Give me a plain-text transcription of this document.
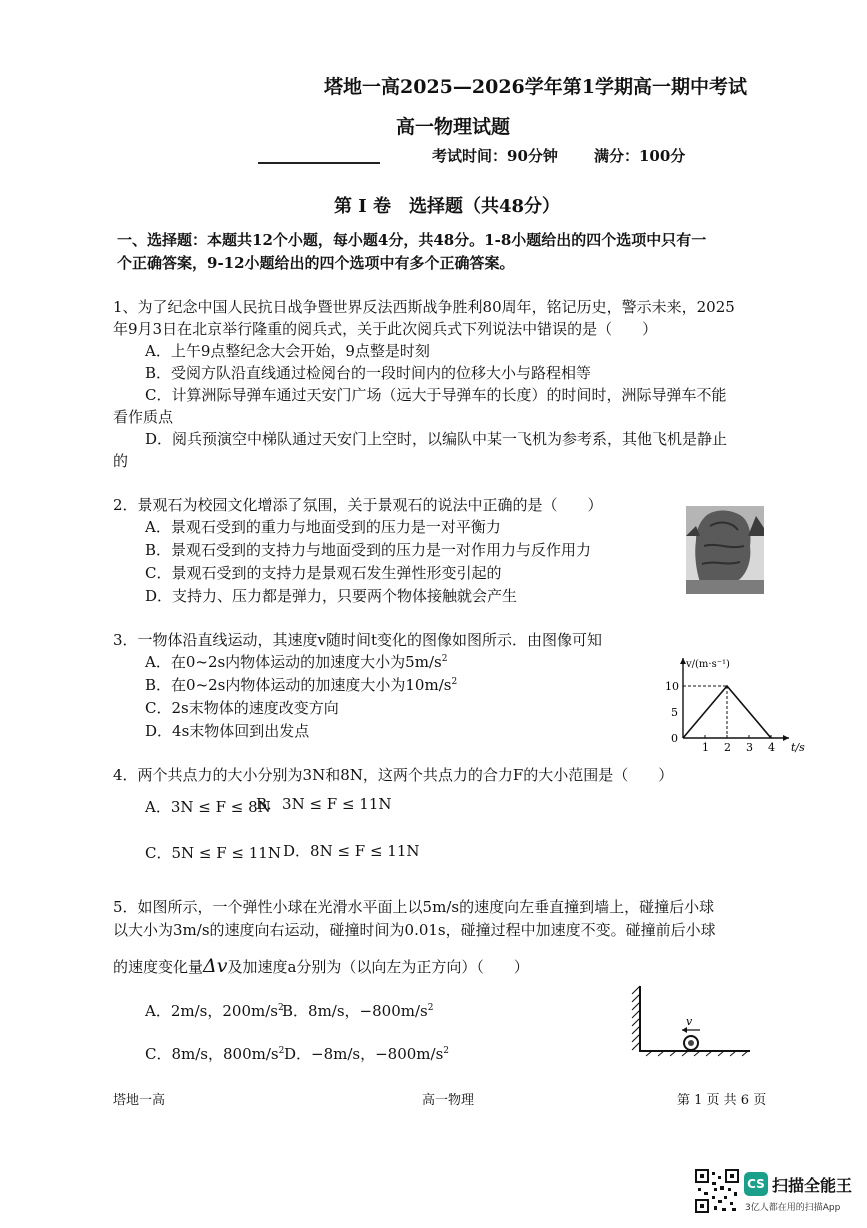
塔地一高2025—2026学年第1学期高一期中考试
高一物理试题
考试时间：90分钟 满分：100分
第 Ⅰ 卷　选择题（共48分）
一、选择题：本题共12个小题，每小题4分，共48分。1-8小题给出的四个选项中只有一
个正确答案，9-12小题给出的四个选项中有多个正确答案。
1、为了纪念中国人民抗日战争暨世界反法西斯战争胜利80周年，铭记历史，警示未来，2025
年9月3日在北京举行隆重的阅兵式，关于此次阅兵式下列说法中错误的是（　　）
A．上午9点整纪念大会开始，9点整是时刻
B．受阅方队沿直线通过检阅台的一段时间内的位移大小与路程相等
C．计算洲际导弹车通过天安门广场（远大于导弹车的长度）的时间时，洲际导弹车不能
看作质点
D．阅兵预演空中梯队通过天安门上空时，以编队中某一飞机为参考系，其他飞机是静止
的
2．景观石为校园文化增添了氛围，关于景观石的说法中正确的是（　　）
A．景观石受到的重力与地面受到的压力是一对平衡力
B．景观石受到的支持力与地面受到的压力是一对作用力与反作用力
C．景观石受到的支持力是景观石发生弹性形变引起的
D．支持力、压力都是弹力，只要两个物体接触就会产生
3．一物体沿直线运动，其速度v随时间t变化的图像如图所示．由图像可知
A．在0~2s内物体运动的加速度大小为$5m/s^2$
B．在0~2s内物体运动的加速度大小为$10m/s^2$
C．2s末物体的速度改变方向
D．4s末物体回到出发点
1 2 3 4
0
5
10
t/s
v/(m·s⁻¹)
4．两个共点力的大小分别为3N和8N，这两个共点力的合力F的大小范围是（　　）
A．3N ≤ F ≤ 8N
B．3N ≤ F ≤ 11N
C．5N ≤ F ≤ 11N D．8N ≤ F ≤ 11N
5．如图所示，一个弹性小球在光滑水平面上以5m/s的速度向左垂直撞到墙上，碰撞后小球
以大小为3m/s的速度向右运动，碰撞时间为0.01s，碰撞过程中加速度不变。碰撞前后小球
的速度变化量Δv及加速度a分别为（以向左为正方向）（　　）
A．2m/s，$200m/s^2$
B．8m/s，$-800m/s^2$
C．8m/s，$800m/s^2$ D．−8m/s，$-800m/s^2$
v
塔地一高	高一物理	第 1 页 共 6 页
CS 扫描全能王
3亿人都在用的扫描App
